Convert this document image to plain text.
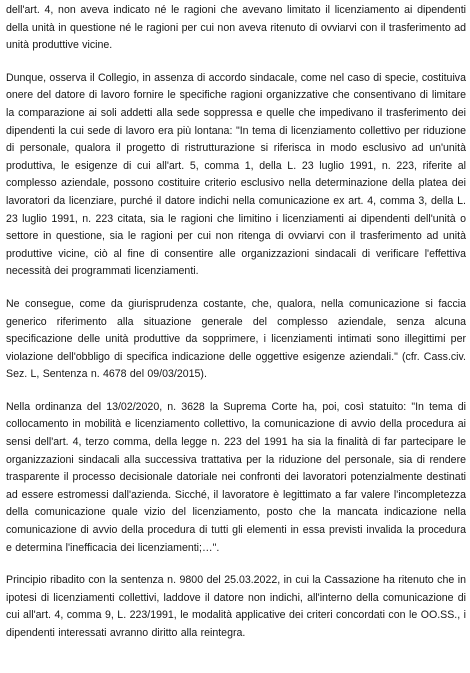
dell'art. 4, non aveva indicato né le ragioni che avevano limitato il licenziamento ai dipendenti della unità in questione né le ragioni per cui non aveva ritenuto di ovviarvi con il trasferimento ad unità produttive vicine.

Dunque, osserva il Collegio, in assenza di accordo sindacale, come nel caso di specie, costituiva onere del datore di lavoro fornire le specifiche ragioni organizzative che consentivano di limitare la comparazione ai soli addetti alla sede soppressa e quelle che impedivano il trasferimento dei dipendenti la cui sede di lavoro era più lontana: "In tema di licenziamento collettivo per riduzione di personale, qualora il progetto di ristrutturazione si riferisca in modo esclusivo ad un'unità produttiva, le esigenze di cui all'art. 5, comma 1, della L. 23 luglio 1991, n. 223, riferite al complesso aziendale, possono costituire criterio esclusivo nella determinazione della platea dei lavoratori da licenziare, purché il datore indichi nella comunicazione ex art. 4, comma 3, della L. 23 luglio 1991, n. 223 citata, sia le ragioni che limitino i licenziamenti ai dipendenti dell'unità o settore in questione, sia le ragioni per cui non ritenga di ovviarvi con il trasferimento ad unità produttive vicine, ciò al fine di consentire alle organizzazioni sindacali di verificare l'effettiva necessità dei programmati licenziamenti.

Ne consegue, come da giurisprudenza costante, che, qualora, nella comunicazione si faccia generico riferimento alla situazione generale del complesso aziendale, senza alcuna specificazione delle unità produttive da sopprimere, i licenziamenti intimati sono illegittimi per violazione dell'obbligo di specifica indicazione delle oggettive esigenze aziendali." (cfr. Cass.civ. Sez. L, Sentenza n. 4678 del 09/03/2015).

Nella ordinanza del 13/02/2020, n. 3628 la Suprema Corte ha, poi, così statuito: "In tema di collocamento in mobilità e licenziamento collettivo, la comunicazione di avvio della procedura ai sensi dell'art. 4, terzo comma, della legge n. 223 del 1991 ha sia la finalità di far partecipare le organizzazioni sindacali alla successiva trattativa per la riduzione del personale, sia di rendere trasparente il processo decisionale datoriale nei confronti dei lavoratori potenzialmente destinati ad essere estromessi dall'azienda. Sicché, il lavoratore è legittimato a far valere l'incompletezza della comunicazione quale vizio del licenziamento, posto che la mancata indicazione nella comunicazione di avvio della procedura di tutti gli elementi in essa previsti invalida la procedura e determina l'inefficacia dei licenziamenti;…".

Principio ribadito con la sentenza n. 9800 del 25.03.2022, in cui la Cassazione ha ritenuto che in ipotesi di licenziamenti collettivi, laddove il datore non indichi, all'interno della comunicazione di cui all'art. 4, comma 9, L. 223/1991, le modalità applicative dei criteri concordati con le OO.SS., i dipendenti interessati avranno diritto alla reintegra.
